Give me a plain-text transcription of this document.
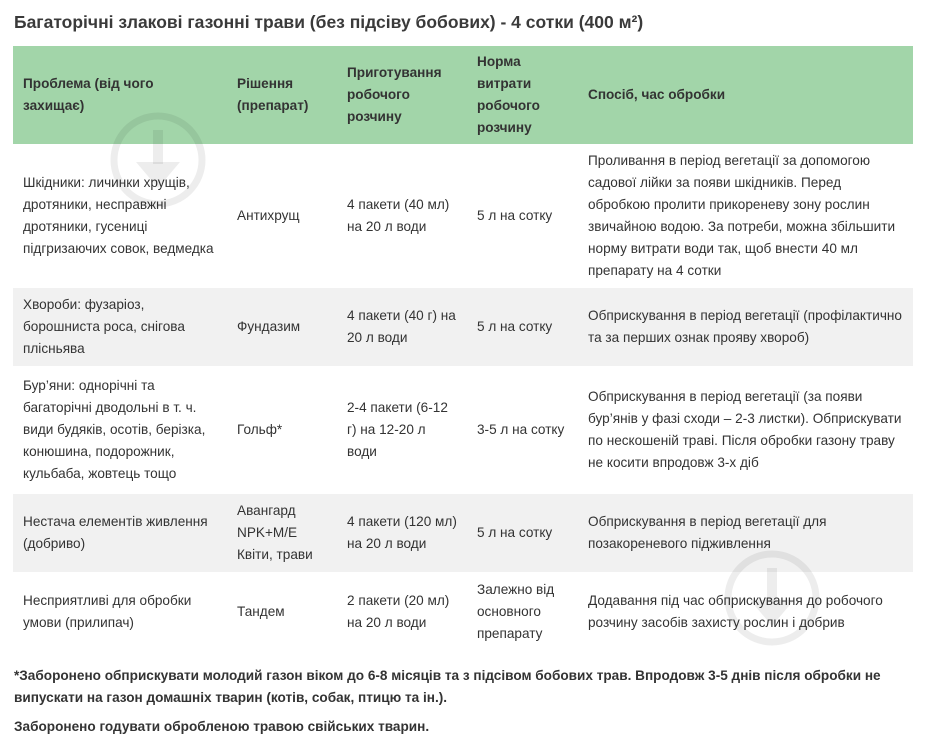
Багаторічні злакові газонні трави (без підсіву бобових) - 4 сотки (400 м²)
Проблема (від чого захищає)	Рішення (препарат)	Приготування робочого розчину	Норма витрати робочого розчину	Спосіб, час обробки
Шкідники: личинки хрущів, дротяники, несправжні дротяники, гусениці підгризаючих совок, ведмедка	Антихрущ	4 пакети (40 мл) на 20 л води	5 л на сотку	Проливання в період вегетації за допомогою садової лійки за появи шкідників. Перед обробкою пролити прикореневу зону рослин звичайною водою. За потреби, можна збільшити норму витрати води так, щоб внести 40 мл препарату на 4 сотки
Хвороби: фузаріоз, борошниста роса, снігова плісньява	Фундазим	4 пакети (40 г) на 20 л води	5 л на сотку	Обприскування в період вегетації (профілактично та за перших ознак прояву хвороб)
Бур’яни: однорічні та багаторічні дводольні в т. ч. види будяків, осотів, берізка, конюшина, подорожник, кульбаба, жовтець тощо	Гольф*	2-4 пакети (6-12 г) на 12-20 л води	3-5 л на сотку	Обприскування в період вегетації (за появи бур’янів у фазі сходи – 2-3 листки). Обприскувати по нескошеній траві. Після обробки газону траву не косити впродовж 3-х діб
Нестача елементів живлення (добриво)	Авангард NPK+M/E Квіти, трави	4 пакети (120 мл) на 20 л води	5 л на сотку	Обприскування в період вегетації для позакореневого підживлення
Несприятливі для обробки умови (прилипач)	Тандем	2 пакети (20 мл) на 20 л води	Залежно від основного препарату	Додавання під час обприскування до робочого розчину засобів захисту рослин і добрив
*Заборонено обприскувати молодий газон віком до 6-8 місяців та з підсівом бобових трав. Впродовж 3-5 днів після обробки не випускати на газон домашніх тварин (котів, собак, птицю та ін.).
Заборонено годувати обробленою травою свійських тварин.
